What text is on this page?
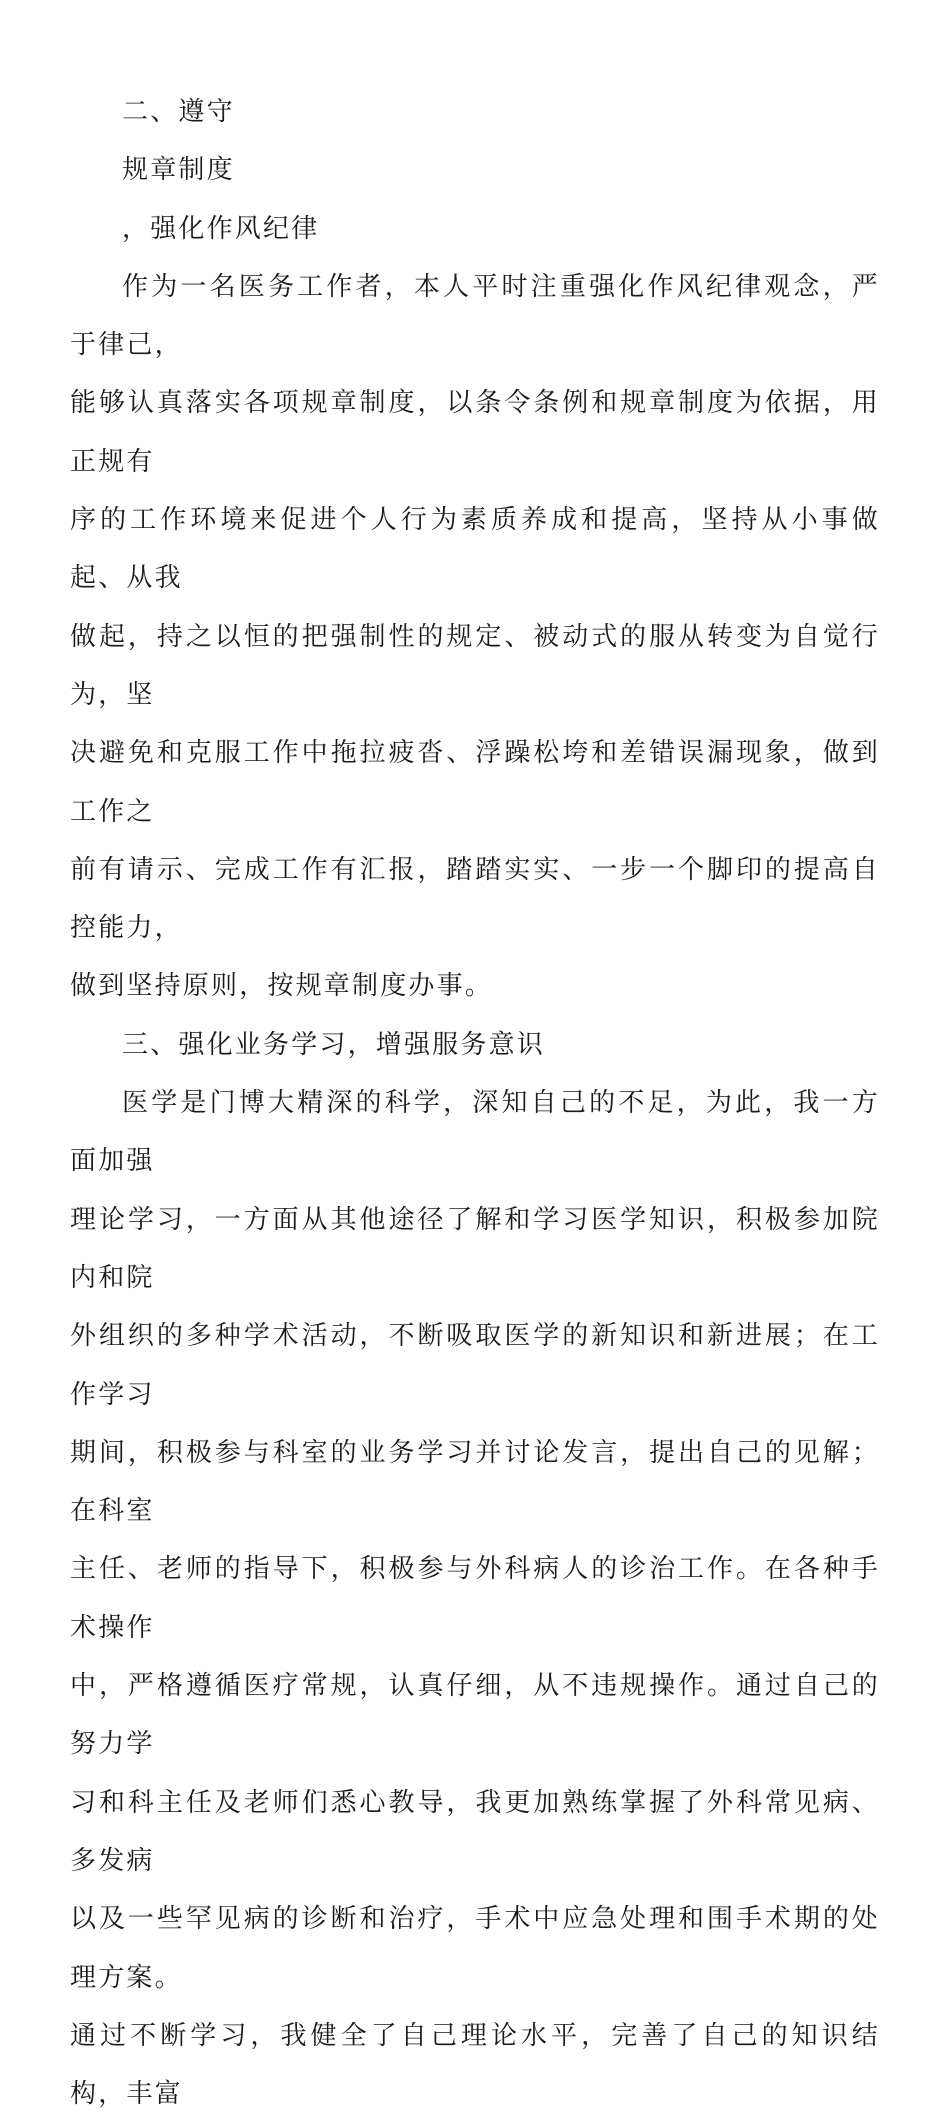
二、遵守

规章制度

，强化作风纪律

作为一名医务工作者，本人平时注重强化作风纪律观念，严于律己，
能够认真落实各项规章制度，以条令条例和规章制度为依据，用正规有
序的工作环境来促进个人行为素质养成和提高，坚持从小事做起、从我
做起，持之以恒的把强制性的规定、被动式的服从转变为自觉行为，坚
决避免和克服工作中拖拉疲沓、浮躁松垮和差错误漏现象，做到工作之
前有请示、完成工作有汇报，踏踏实实、一步一个脚印的提高自控能力，
做到坚持原则，按规章制度办事。

三、强化业务学习，增强服务意识

医学是门博大精深的科学，深知自己的不足，为此，我一方面加强
理论学习，一方面从其他途径了解和学习医学知识，积极参加院内和院
外组织的多种学术活动，不断吸取医学的新知识和新进展；在工作学习
期间，积极参与科室的业务学习并讨论发言，提出自己的见解；在科室
主任、老师的指导下，积极参与外科病人的诊治工作。在各种手术操作
中，严格遵循医疗常规，认真仔细，从不违规操作。通过自己的努力学
习和科主任及老师们悉心教导，我更加熟练掌握了外科常见病、多发病
以及一些罕见病的诊断和治疗，手术中应急处理和围手术期的处理方案。
通过不断学习，我健全了自己理论水平，完善了自己的知识结构，丰富
